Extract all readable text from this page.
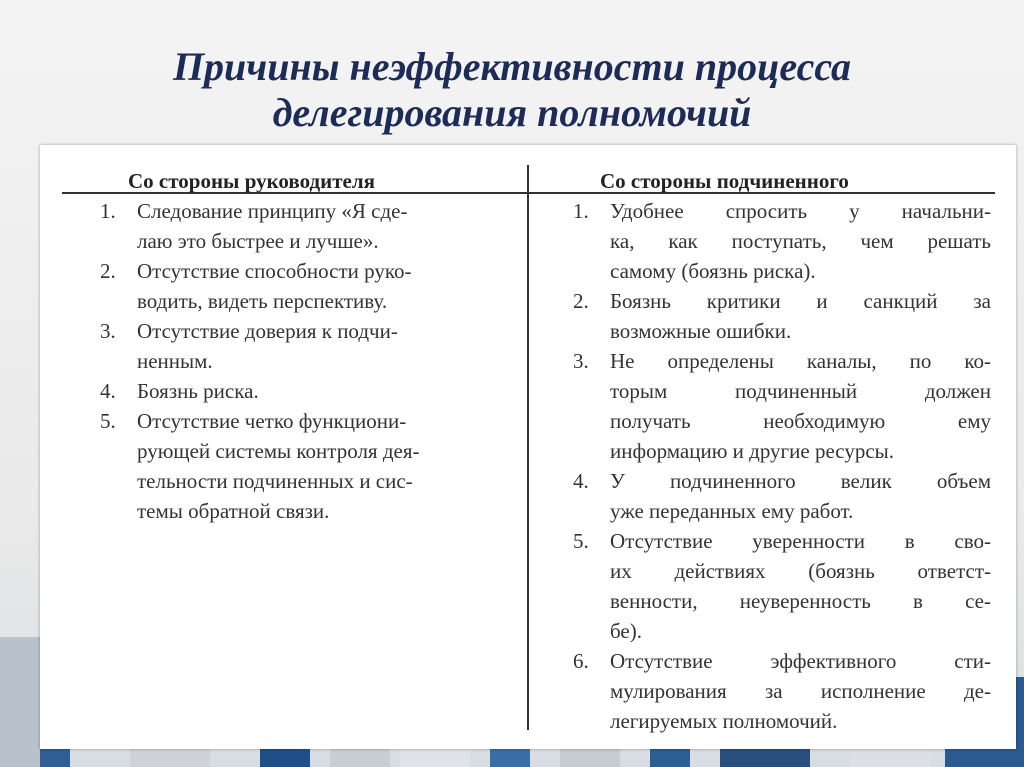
Причины неэффективности процесса
делегирования полномочий
Со стороны руководителя	Со стороны подчиненного
1. Следование принципу «Я сде-
лаю это быстрее и лучше».
2. Отсутствие способности руко-
водить, видеть перспективу.
3. Отсутствие доверия к подчи-
ненным.
4. Боязнь риска.
5. Отсутствие четко функциони-
рующей системы контроля дея-
тельности подчиненных и сис-
темы обратной связи.
1. Удобнее спросить у начальни-
ка, как поступать, чем решать
самому (боязнь риска).
2. Боязнь критики и санкций за
возможные ошибки.
3. Не определены каналы, по ко-
торым подчиненный должен
получать необходимую ему
информацию и другие ресурсы.
4. У подчиненного велик объем
уже переданных ему работ.
5. Отсутствие уверенности в сво-
их действиях (боязнь ответст-
венности, неуверенность в се-
бе).
6. Отсутствие эффективного сти-
мулирования за исполнение де-
легируемых полномочий.
